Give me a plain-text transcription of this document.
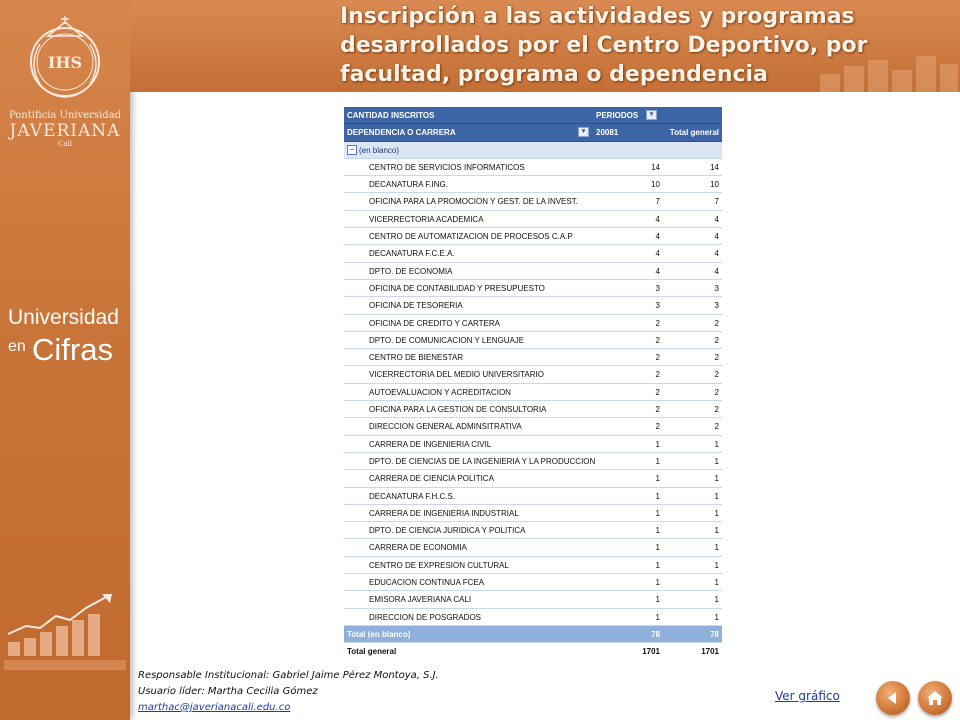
IHS
Pontificia Universidad
JAVERIANA
Cali
Universidad
en Cifras
Inscripción a las actividades y programas desarrollados por el Centro Deportivo, por facultad, programa o dependencia
CANTIDAD INSCRITOS	PERIODOS	▾
DEPENDENCIA O CARRERA	▾	20081	Total general
− (en blanco)
CENTRO DE SERVICIOS INFORMATICOS	14	14
DECANATURA F.ING.	10	10
OFICINA PARA LA PROMOCION Y GEST. DE LA INVEST.	7	7
VICERRECTORIA ACADEMICA	4	4
CENTRO DE AUTOMATIZACION DE PROCESOS C.A.P	4	4
DECANATURA F.C.E.A.	4	4
DPTO. DE ECONOMIA	4	4
OFICINA DE CONTABILIDAD Y PRESUPUESTO	3	3
OFICINA DE TESORERIA	3	3
OFICINA DE CREDITO Y CARTERA	2	2
DPTO. DE COMUNICACION Y LENGUAJE	2	2
CENTRO DE BIENESTAR	2	2
VICERRECTORIA DEL MEDIO UNIVERSITARIO	2	2
AUTOEVALUACION Y ACREDITACION	2	2
OFICINA PARA LA GESTION DE CONSULTORIA	2	2
DIRECCION GENERAL ADMINSITRATIVA	2	2
CARRERA DE INGENIERIA CIVIL	1	1
DPTO. DE CIENCIAS DE LA INGENIERIA Y LA PRODUCCION	1	1
CARRERA DE CIENCIA POLITICA	1	1
DECANATURA F.H.C.S.	1	1
CARRERA DE INGENIERIA INDUSTRIAL	1	1
DPTO. DE CIENCIA JURIDICA Y POLITICA	1	1
CARRERA DE ECONOMIA	1	1
CENTRO DE EXPRESION CULTURAL	1	1
EDUCACION CONTINUA FCEA	1	1
EMISORA JAVERIANA CALI	1	1
DIRECCION DE POSGRADOS	1	1
Total (en blanco)	78	78
Total general	1701	1701
Responsable Institucional: Gabriel Jaime Pérez Montoya, S.J.
Usuario líder: Martha Cecilia Gómez
marthac@javerianacali.edu.co
Ver gráfico
